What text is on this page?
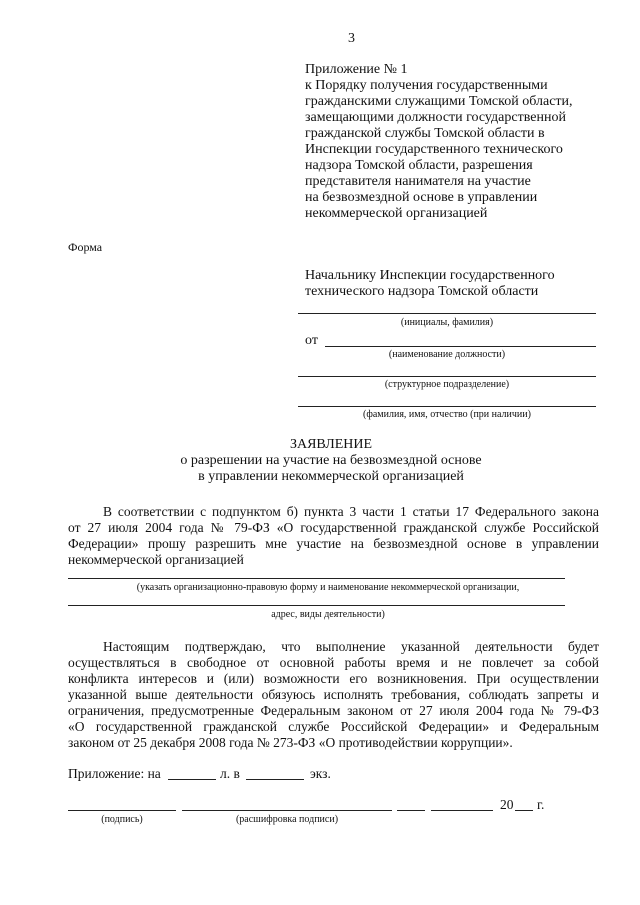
3
Приложение № 1
к Порядку получения государственными
гражданскими служащими Томской области,
замещающими должности государственной
гражданской службы Томской области в
Инспекции государственного технического
надзора Томской области, разрешения
представителя нанимателя на участие
на безвозмездной основе в управлении
некоммерческой организацией
Форма
Начальнику Инспекции государственного
технического надзора Томской области
(инициалы, фамилия)
от
(наименование должности)
(структурное подразделение)
(фамилия, имя, отчество (при наличии)
ЗАЯВЛЕНИЕ
о разрешении на участие на безвозмездной основе
в управлении некоммерческой организацией

В соответствии с подпунктом б) пункта 3 части 1 статьи 17 Федерального закона

от 27 июля 2004 года № 79-ФЗ «О государственной гражданской службе Российской

Федерации» прошу разрешить мне участие на безвозмездной основе в управлении

некоммерческой организацией

(указать организационно-правовую форму и наименование некоммерческой организации,
адрес, виды деятельности)

Настоящим подтверждаю, что выполнение указанной деятельности будет

осуществляться в свободное от основной работы время и не повлечет за собой

конфликта интересов и (или) возможности его возникновения. При осуществлении

указанной выше деятельности обязуюсь исполнять требования, соблюдать запреты и

ограничения, предусмотренные Федеральным законом от 27 июля 2004 года № 79-ФЗ

«О государственной гражданской службе Российской Федерации» и Федеральным

законом от 25 декабря 2008 года № 273-ФЗ «О противодействии коррупции».

Приложение: на	л. в	экз.
20 г.
(подпись)	(расшифровка подписи)
